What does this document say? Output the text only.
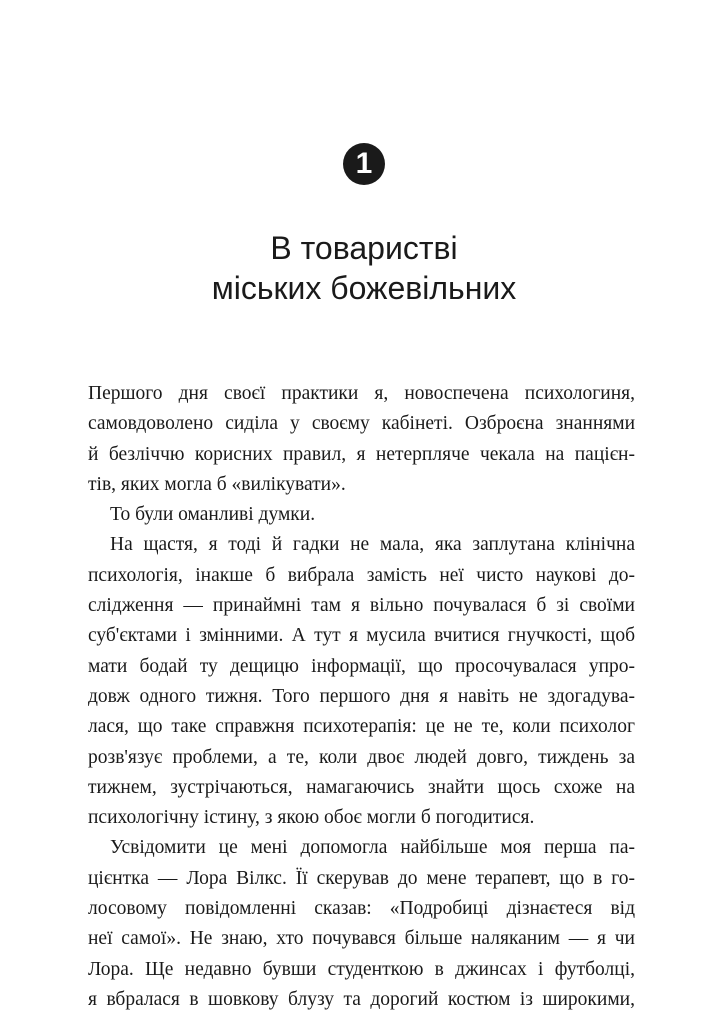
1
В товаристві
міських божевільних
Першого дня своєї практики я, новоспечена психологиня,
самовдоволено сиділа у своєму кабінеті. Озброєна знаннями
й безліччю корисних правил, я нетерпляче чекала на пацієн-
тів, яких могла б «вилікувати».
То були оманливі думки.
На щастя, я тоді й гадки не мала, яка заплутана клінічна
психологія, інакше б вибрала замість неї чисто наукові до-
слідження — принаймні там я вільно почувалася б зі своїми
суб'єктами і змінними. А тут я мусила вчитися гнучкості, щоб
мати бодай ту дещицю інформації, що просочувалася упро-
довж одного тижня. Того першого дня я навіть не здогадува-
лася, що таке справжня психотерапія: це не те, коли психолог
розв'язує проблеми, а те, коли двоє людей довго, тиждень за
тижнем, зустрічаються, намагаючись знайти щось схоже на
психологічну істину, з якою обоє могли б погодитися.
Усвідомити це мені допомогла найбільше моя перша па-
цієнтка — Лора Вілкс. Її скерував до мене терапевт, що в го-
лосовому повідомленні сказав: «Подробиці дізнаєтеся від
неї самої». Не знаю, хто почувався більше наляканим — я чи
Лора. Ще недавно бувши студенткою в джинсах і футболці,
я вбралася в шовкову блузу та дорогий костюм із широкими,
